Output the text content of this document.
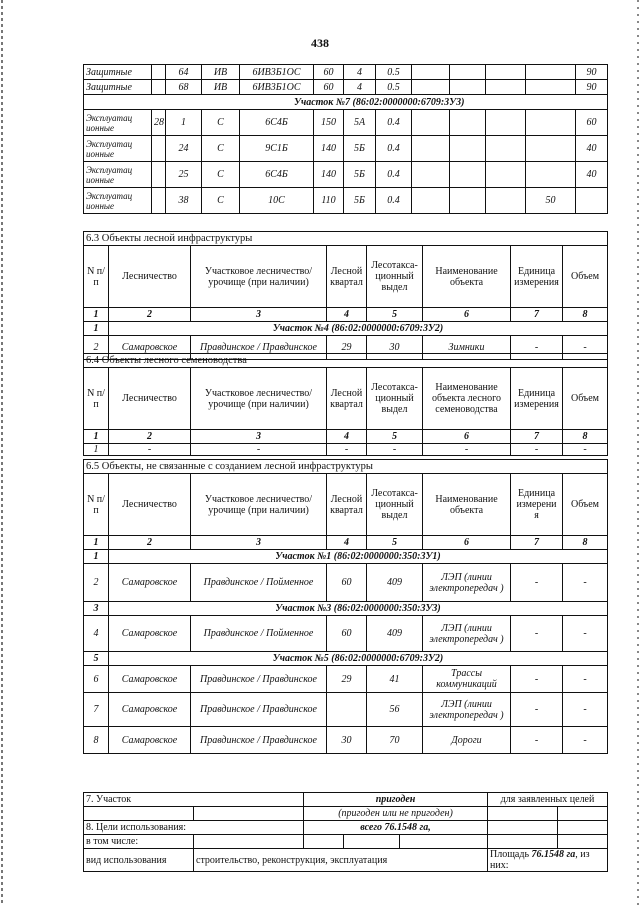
438
Защитные		64	ИВ	6ИВ3Б1ОС	60	4	0.5					90
Защитные		68	ИВ	6ИВ3Б1ОС	60	4	0.5					90
	Участок №7 (86:02:0000000:6709:3У3)											
Эксплуатац ионные	28	1	С	6С4Б	150	5А	0.4					60
Эксплуатац ионные		24	С	9С1Б	140	5Б	0.4					40
Эксплуатац ионные		25	С	6С4Б	140	5Б	0.4					40
Эксплуатац ионные		38	С	10С	110	5Б	0.4				50	
6.3 Объекты лесной инфраструктуры							
N п/п	Лесничество	Участковое лесничество/урочище (при наличии)	Лесной квартал	Лесотакса-ционный выдел	Наименование объекта	Единица измерения	Объем
1	2	3	4	5	6	7	8
1	Участок №4 (86:02:0000000:6709:3У2)						
2	Самаровское	Правдинское / Правдинское	29	30	Зимники	-	-
6.4 Объекты лесного семеноводства							
N п/п	Лесничество	Участковое лесничество/урочище (при наличии)	Лесной квартал	Лесотакса-ционный выдел	Наименование объекта лесного семеноводства	Единица измерения	Объем
1	2	3	4	5	6	7	8
1	-	-	-	-	-	-	-
6.5 Объекты, не связанные с созданием лесной инфраструктуры							
N п/п	Лесничество	Участковое лесничество/урочище (при наличии)	Лесной квартал	Лесотакса-ционный выдел	Наименование объекта	Единица измерени я	Объем
1	2	3	4	5	6	7	8
1	Участок №1 (86:02:0000000:350:3У1)						
2	Самаровское	Правдинское / Пойменное	60	409	ЛЭП (линии электропередач )	-	-
3	Участок №3 (86:02:0000000:350:3У3)						
4	Самаровское	Правдинское / Пойменное	60	409	ЛЭП (линии электропередач )	-	-
5	Участок №5 (86:02:0000000:6709:3У2)						
6	Самаровское	Правдинское / Правдинское	29	41	Трассы коммуникаций	-	-
7	Самаровское	Правдинское / Правдинское		56	ЛЭП (линии электропередач )	-	-
8	Самаровское	Правдинское / Правдинское	30	70	Дороги	-	-
7. Участок		пригоден			для заявленных целей	
		(пригоден или не пригоден)				
8. Цели использования:		всего 76.1548 га,				
в том числе:						
вид использования	строительство, реконструкция, эксплуатация				Площадь 76.1548 га, из них:	
